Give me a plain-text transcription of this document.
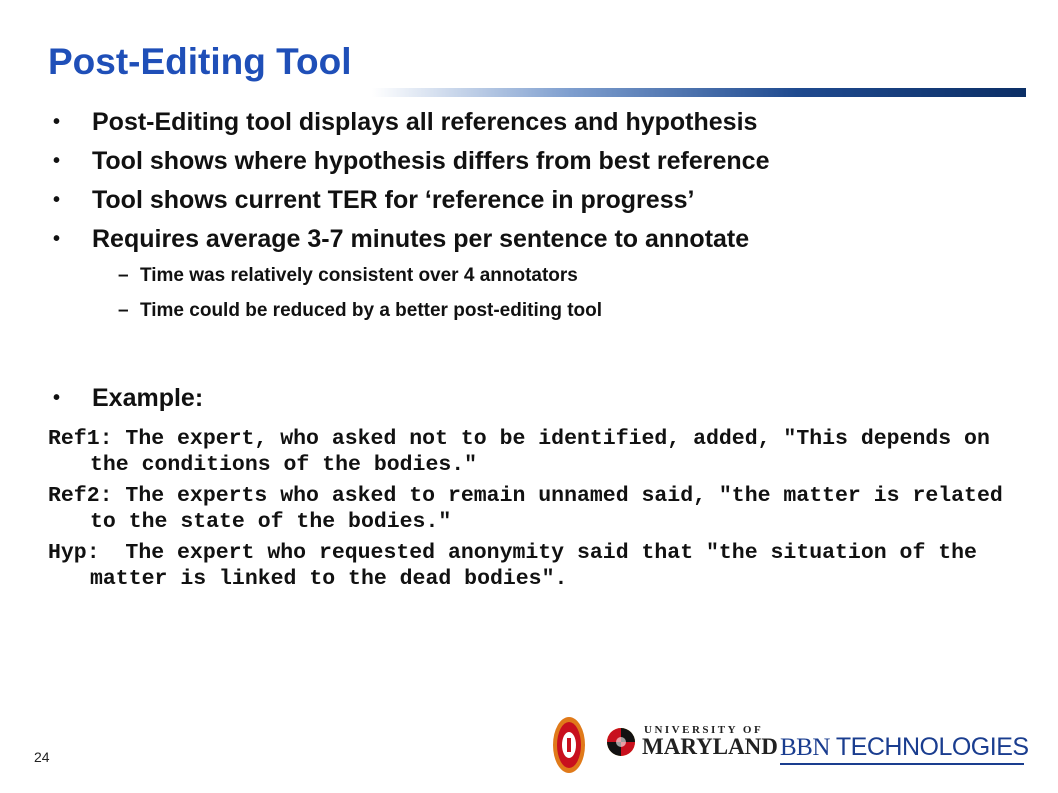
Post-Editing Tool
• Post-Editing tool displays all references and hypothesis
• Tool shows where hypothesis differs from best reference
• Tool shows current TER for ‘reference in progress’
• Requires average 3-7 minutes per sentence to annotate
– Time was relatively consistent over 4 annotators
– Time could be reduced by a better post-editing tool
• Example:

Ref1: The expert, who asked not to be identified, added, "This depends on the conditions of the bodies."

Ref2: The experts who asked to remain unnamed said, "the matter is related to the state of the bodies."

Hyp:  The expert who requested anonymity said that "the situation of the matter is linked to the dead bodies".

24
UNIVERSITY OF
MARYLAND BBN TECHNOLOGIES
